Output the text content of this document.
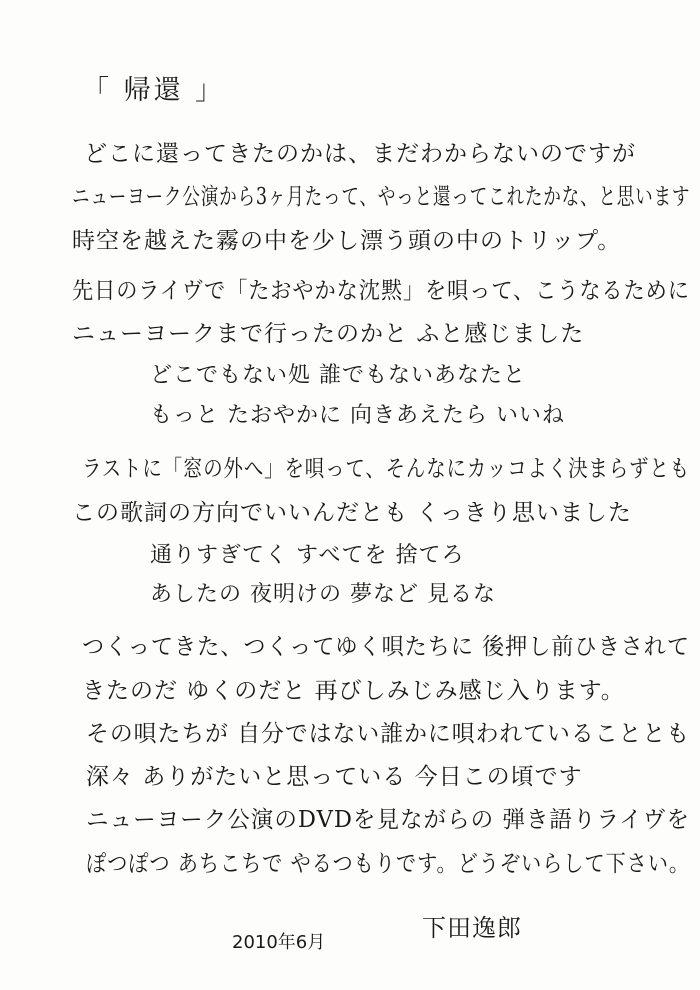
「 帰還 」
どこに還ってきたのかは、まだわからないのですが
ニューヨーク公演から3ヶ月たって、やっと還ってこれたかな、と思います
時空を越えた霧の中を少し漂う頭の中のトリップ。
先日のライヴで「たおやかな沈黙」を唄って、こうなるために
ニューヨークまで行ったのかと ふと感じました
どこでもない処 誰でもないあなたと
もっと たおやかに 向きあえたら いいね
ラストに「窓の外へ」を唄って、そんなにカッコよく決まらずとも
この歌詞の方向でいいんだとも くっきり思いました
通りすぎてく すべてを 捨てろ
あしたの 夜明けの 夢など 見るな
つくってきた、つくってゆく唄たちに 後押し前ひきされて
きたのだ ゆくのだと 再びしみじみ感じ入ります。
その唄たちが 自分ではない誰かに唄われていることとも
深々 ありがたいと思っている 今日この頃です
ニューヨーク公演のDVDを見ながらの 弾き語りライヴを
ぽつぽつ あちこちで やるつもりです。どうぞいらして下さい。
2010年6月
下田逸郎
